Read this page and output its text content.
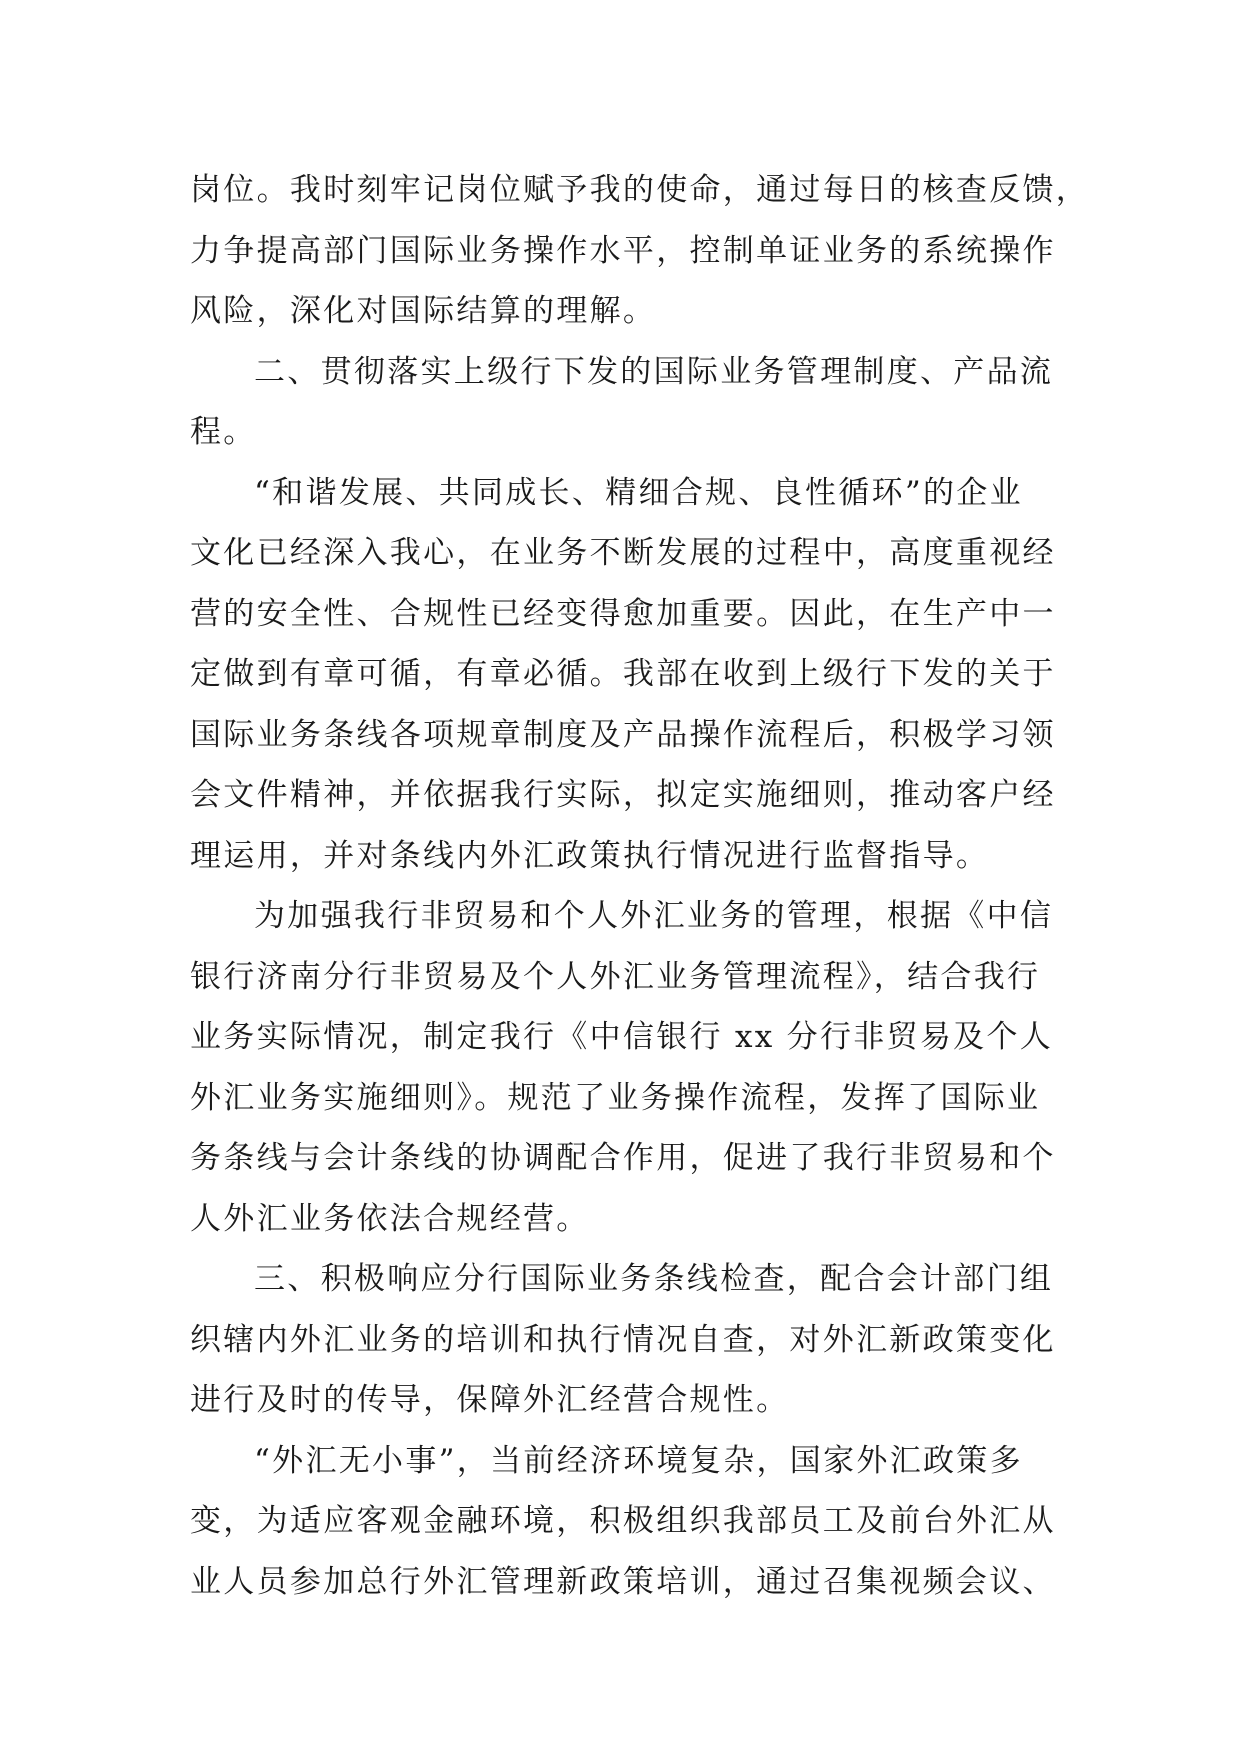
岗位。我时刻牢记岗位赋予我的使命，通过每日的核查反馈，
力争提高部门国际业务操作水平，控制单证业务的系统操作
风险，深化对国际结算的理解。
二、贯彻落实上级行下发的国际业务管理制度、产品流
程。
“和谐发展、共同成长、精细合规、良性循环”的企业
文化已经深入我心，在业务不断发展的过程中，高度重视经
营的安全性、合规性已经变得愈加重要。因此，在生产中一
定做到有章可循，有章必循。我部在收到上级行下发的关于
国际业务条线各项规章制度及产品操作流程后，积极学习领
会文件精神，并依据我行实际，拟定实施细则，推动客户经
理运用，并对条线内外汇政策执行情况进行监督指导。
为加强我行非贸易和个人外汇业务的管理，根据《中信
银行济南分行非贸易及个人外汇业务管理流程》，结合我行
业务实际情况，制定我行《中信银行 xx 分行非贸易及个人
外汇业务实施细则》。规范了业务操作流程，发挥了国际业
务条线与会计条线的协调配合作用，促进了我行非贸易和个
人外汇业务依法合规经营。
三、积极响应分行国际业务条线检查，配合会计部门组
织辖内外汇业务的培训和执行情况自查，对外汇新政策变化
进行及时的传导，保障外汇经营合规性。
“外汇无小事”，当前经济环境复杂，国家外汇政策多
变，为适应客观金融环境，积极组织我部员工及前台外汇从
业人员参加总行外汇管理新政策培训，通过召集视频会议、
